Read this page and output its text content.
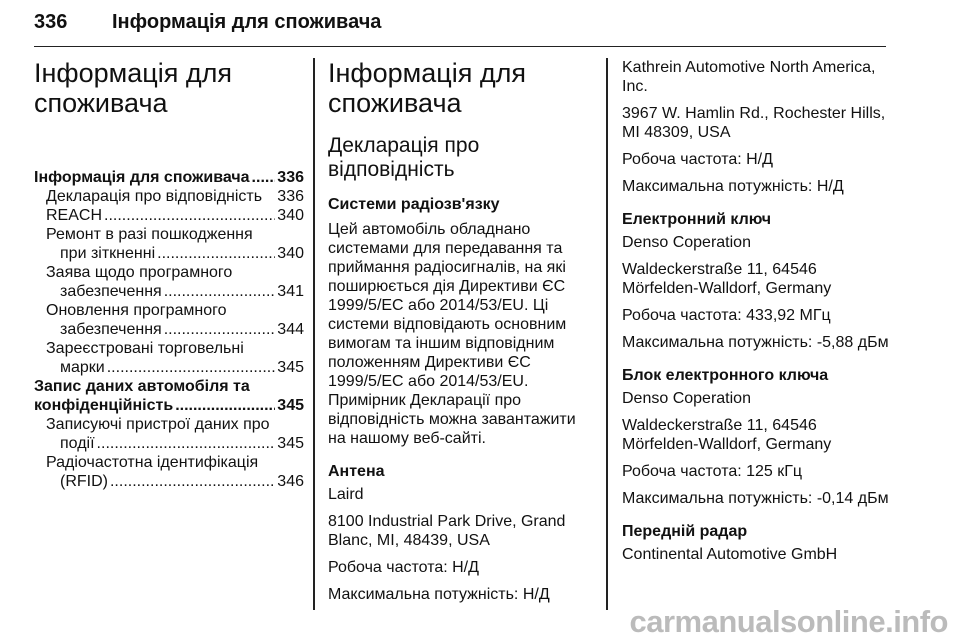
336 Інформація для споживача
Інформація для споживача
Інформація для споживача ..... 336
Декларація про відповідність 336
REACH .....	340
Ремонт в разі пошкодження
при зіткненні .....	340
Заява щодо програмного
забезпечення .....	341
Оновлення програмного
забезпечення .....	344
Зареєстровані торговельні
марки .....	345
Запис даних автомобіля та
конфіденційність .....	345
Записуючі пристрої даних про
події .....	345
Радіочастотна ідентифікація
(RFID) .....	346
Інформація для споживача
Декларація про відповідність
Системи радіозв'язку

Цей автомобіль обладнано системами для передавання та приймання радіосигналів, на які поширюється дія Директиви ЄС 1999/5/ЕС або 2014/53/EU. Ці системи відповідають основним вимогам та іншим відповідним положенням Директиви ЄС 1999/5/ЕС або 2014/53/EU. Примірник Декларації про відповідність можна завантажити на нашому веб-сайті.

Антена

Laird

8100 Industrial Park Drive, Grand Blanc, MI, 48439, USA

Робоча частота: Н/Д

Максимальна потужність: Н/Д

Kathrein Automotive North America, Inc.

3967 W. Hamlin Rd., Rochester Hills, MI 48309, USA

Робоча частота: Н/Д

Максимальна потужність: Н/Д

Електронний ключ

Denso Coperation

Waldeckerstraße 11, 64546 Mörfelden-Walldorf, Germany

Робоча частота: 433,92 МГц

Максимальна потужність: -5,88 дБм

Блок електронного ключа

Denso Coperation

Waldeckerstraße 11, 64546 Mörfelden-Walldorf, Germany

Робоча частота: 125 кГц

Максимальна потужність: -0,14 дБм

Передній радар

Continental Automotive GmbH

carmanualsonline.info
